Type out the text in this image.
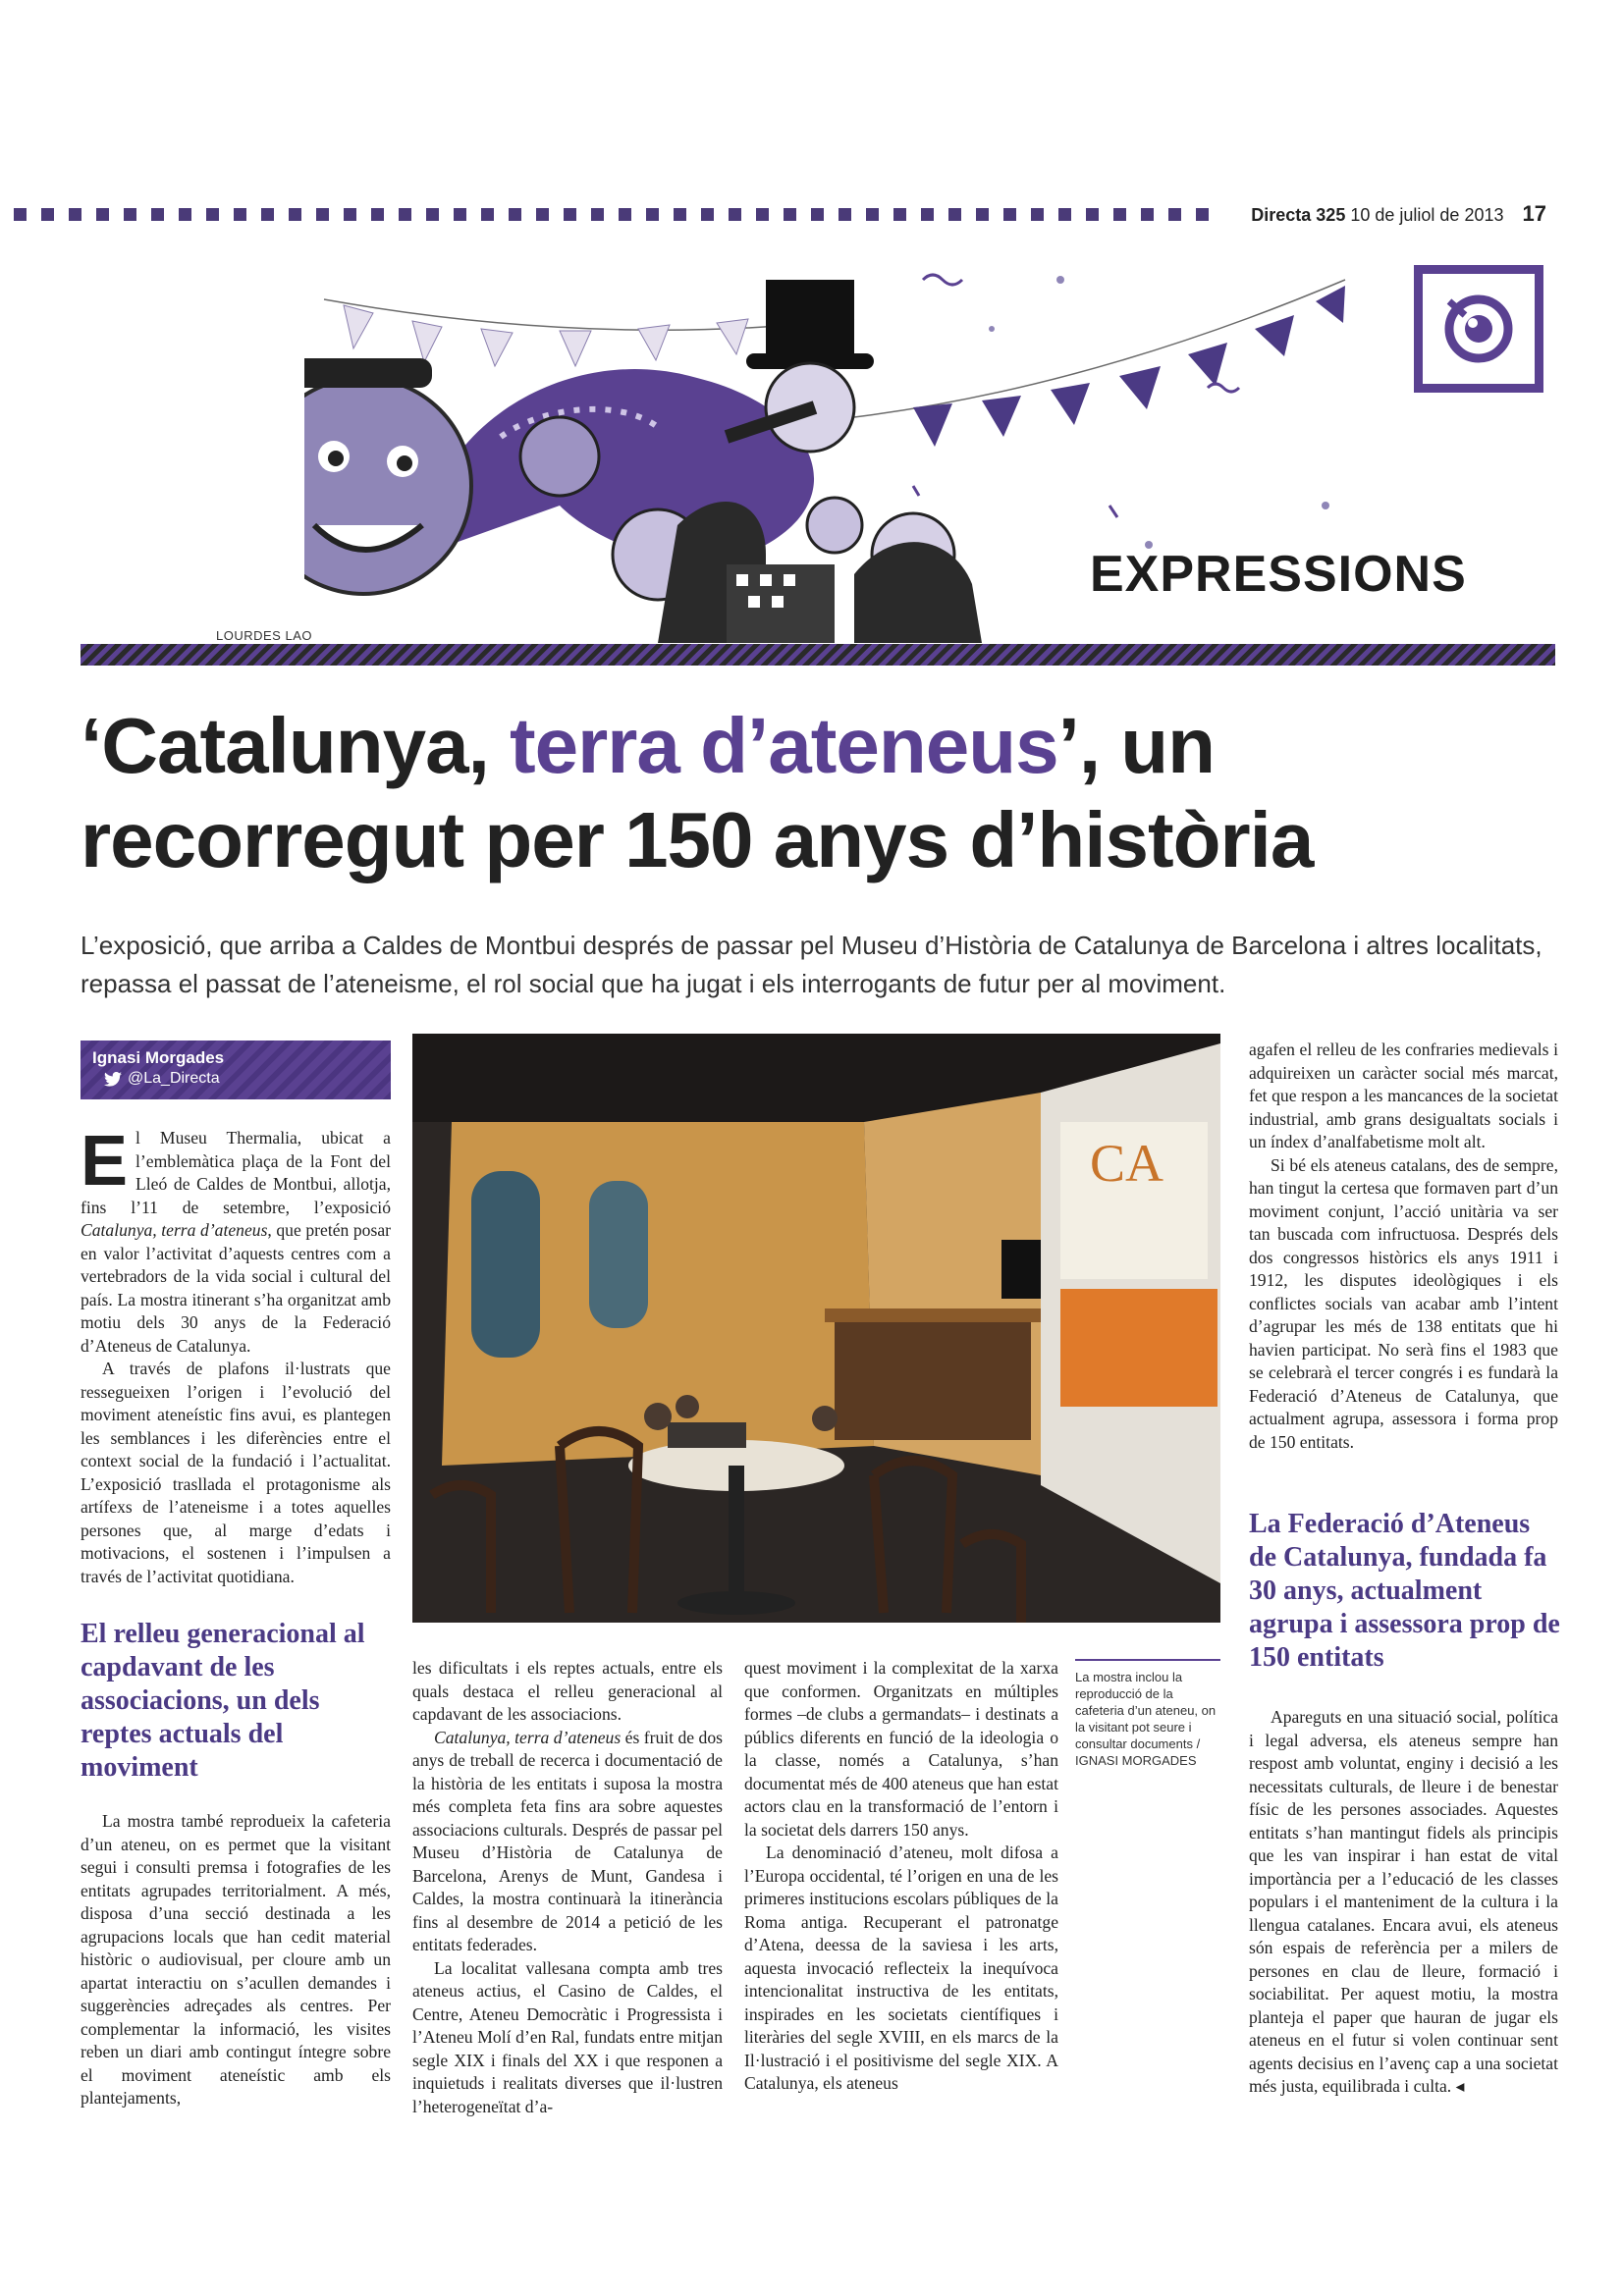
Directa 325 10 de juliol de 2013 17
LOURDES LAO
EXPRESSIONS
‘Catalunya, terra d’ateneus’, un recorregut per 150 anys d’història
L’exposició, que arriba a Caldes de Montbui després de passar pel Museu d’Història de Catalunya de Barcelona i altres localitats, repassa el passat de l’ateneisme, el rol social que ha jugat i els interrogants de futur per al moviment.
Ignasi Morgades
@La_Directa

El Museu Thermalia, ubicat a l’emblemàtica plaça de la Font del Lleó de Caldes de Montbui, allotja, fins l’11 de setembre, l’exposició Catalunya, terra d’ateneus, que pretén posar en valor l’activitat d’aquests centres com a vertebradors de la vida social i cultural del país. La mostra itinerant s’ha organitzat amb motiu dels 30 anys de la Federació d’Ateneus de Catalunya.

A través de plafons il·lustrats que ressegueixen l’origen i l’evolució del moviment ateneístic fins avui, es plantegen les semblances i les diferències entre el context social de la fundació i l’actualitat. L’exposició trasllada el protagonisme als artífexs de l’ateneisme i a totes aquelles persones que, al marge d’edats i motivacions, el sostenen i l’impulsen a través de l’activitat quotidiana.

El relleu generacional al capdavant de les associacions, un dels reptes actuals del moviment

La mostra també reprodueix la cafeteria d’un ateneu, on es permet que la visitant segui i consulti premsa i fotografies de les entitats agrupades territorialment. A més, disposa d’una secció destinada a les agrupacions locals que han cedit material històric o audiovisual, per cloure amb un apartat interactiu on s’acullen demandes i suggerències adreçades als centres. Per complementar la informació, les visites reben un diari amb contingut íntegre sobre el moviment ateneístic amb els plantejaments,

CA
La mostra inclou la reproducció de la cafeteria d’un ateneu, on la visitant pot seure i consultar documents / IGNASI MORGADES

les dificultats i els reptes actuals, entre els quals destaca el relleu generacional al capdavant de les associacions.

Catalunya, terra d’ateneus és fruit de dos anys de treball de recerca i documentació de la història de les entitats i suposa la mostra més completa feta fins ara sobre aquestes associacions culturals. Després de passar pel Museu d’Història de Catalunya de Barcelona, Arenys de Munt, Gandesa i Caldes, la mostra continuarà la itinerància fins al desembre de 2014 a petició de les entitats federades.

La localitat vallesana compta amb tres ateneus actius, el Casino de Caldes, el Centre, Ateneu Democràtic i Progressista i l’Ateneu Molí d’en Ral, fundats entre mitjan segle XIX i finals del XX i que responen a inquietuds i realitats diverses que il·lustren l’heterogeneïtat d’a-

quest moviment i la complexitat de la xarxa que conformen. Organitzats en múltiples formes –de clubs a germandats– i destinats a públics diferents en funció de la ideologia o la classe, només a Catalunya, s’han documentat més de 400 ateneus que han estat actors clau en la transformació de l’entorn i la societat dels darrers 150 anys.

La denominació d’ateneu, molt difosa a l’Europa occidental, té l’origen en una de les primeres institucions escolars públiques de la Roma antiga. Recuperant el patronatge d’Atena, deessa de la saviesa i les arts, aquesta invocació reflecteix la inequívoca intencionalitat instructiva de les entitats, inspirades en les societats científiques i literàries del segle XVIII, en els marcs de la Il·lustració i el positivisme del segle XIX. A Catalunya, els ateneus

agafen el relleu de les confraries medievals i adquireixen un caràcter social més marcat, fet que respon a les mancances de la societat industrial, amb grans desigualtats socials i un índex d’analfabetisme molt alt.

Si bé els ateneus catalans, des de sempre, han tingut la certesa que formaven part d’un moviment conjunt, l’acció unitària va ser tan buscada com infructuosa. Després dels dos congressos històrics els anys 1911 i 1912, les disputes ideològiques i els conflictes socials van acabar amb l’intent d’agrupar les més de 138 entitats que hi havien participat. No serà fins el 1983 que se celebrarà el tercer congrés i es fundarà la Federació d’Ateneus de Catalunya, que actualment agrupa, assessora i forma prop de 150 entitats.

La Federació d’Ateneus de Catalunya, fundada fa 30 anys, actualment agrupa i assessora prop de 150 entitats

Apareguts en una situació social, política i legal adversa, els ateneus sempre han respost amb voluntat, enginy i decisió a les necessitats culturals, de lleure i de benestar físic de les persones associades. Aquestes entitats s’han mantingut fidels als principis que les van inspirar i han estat de vital importància per a l’educació de les classes populars i el manteniment de la cultura i la llengua catalanes. Encara avui, els ateneus són espais de referència per a milers de persones en clau de lleure, formació i sociabilitat. Per aquest motiu, la mostra planteja el paper que hauran de jugar els ateneus en el futur si volen continuar sent agents decisius en l’avenç cap a una societat més justa, equilibrada i culta. ◂
